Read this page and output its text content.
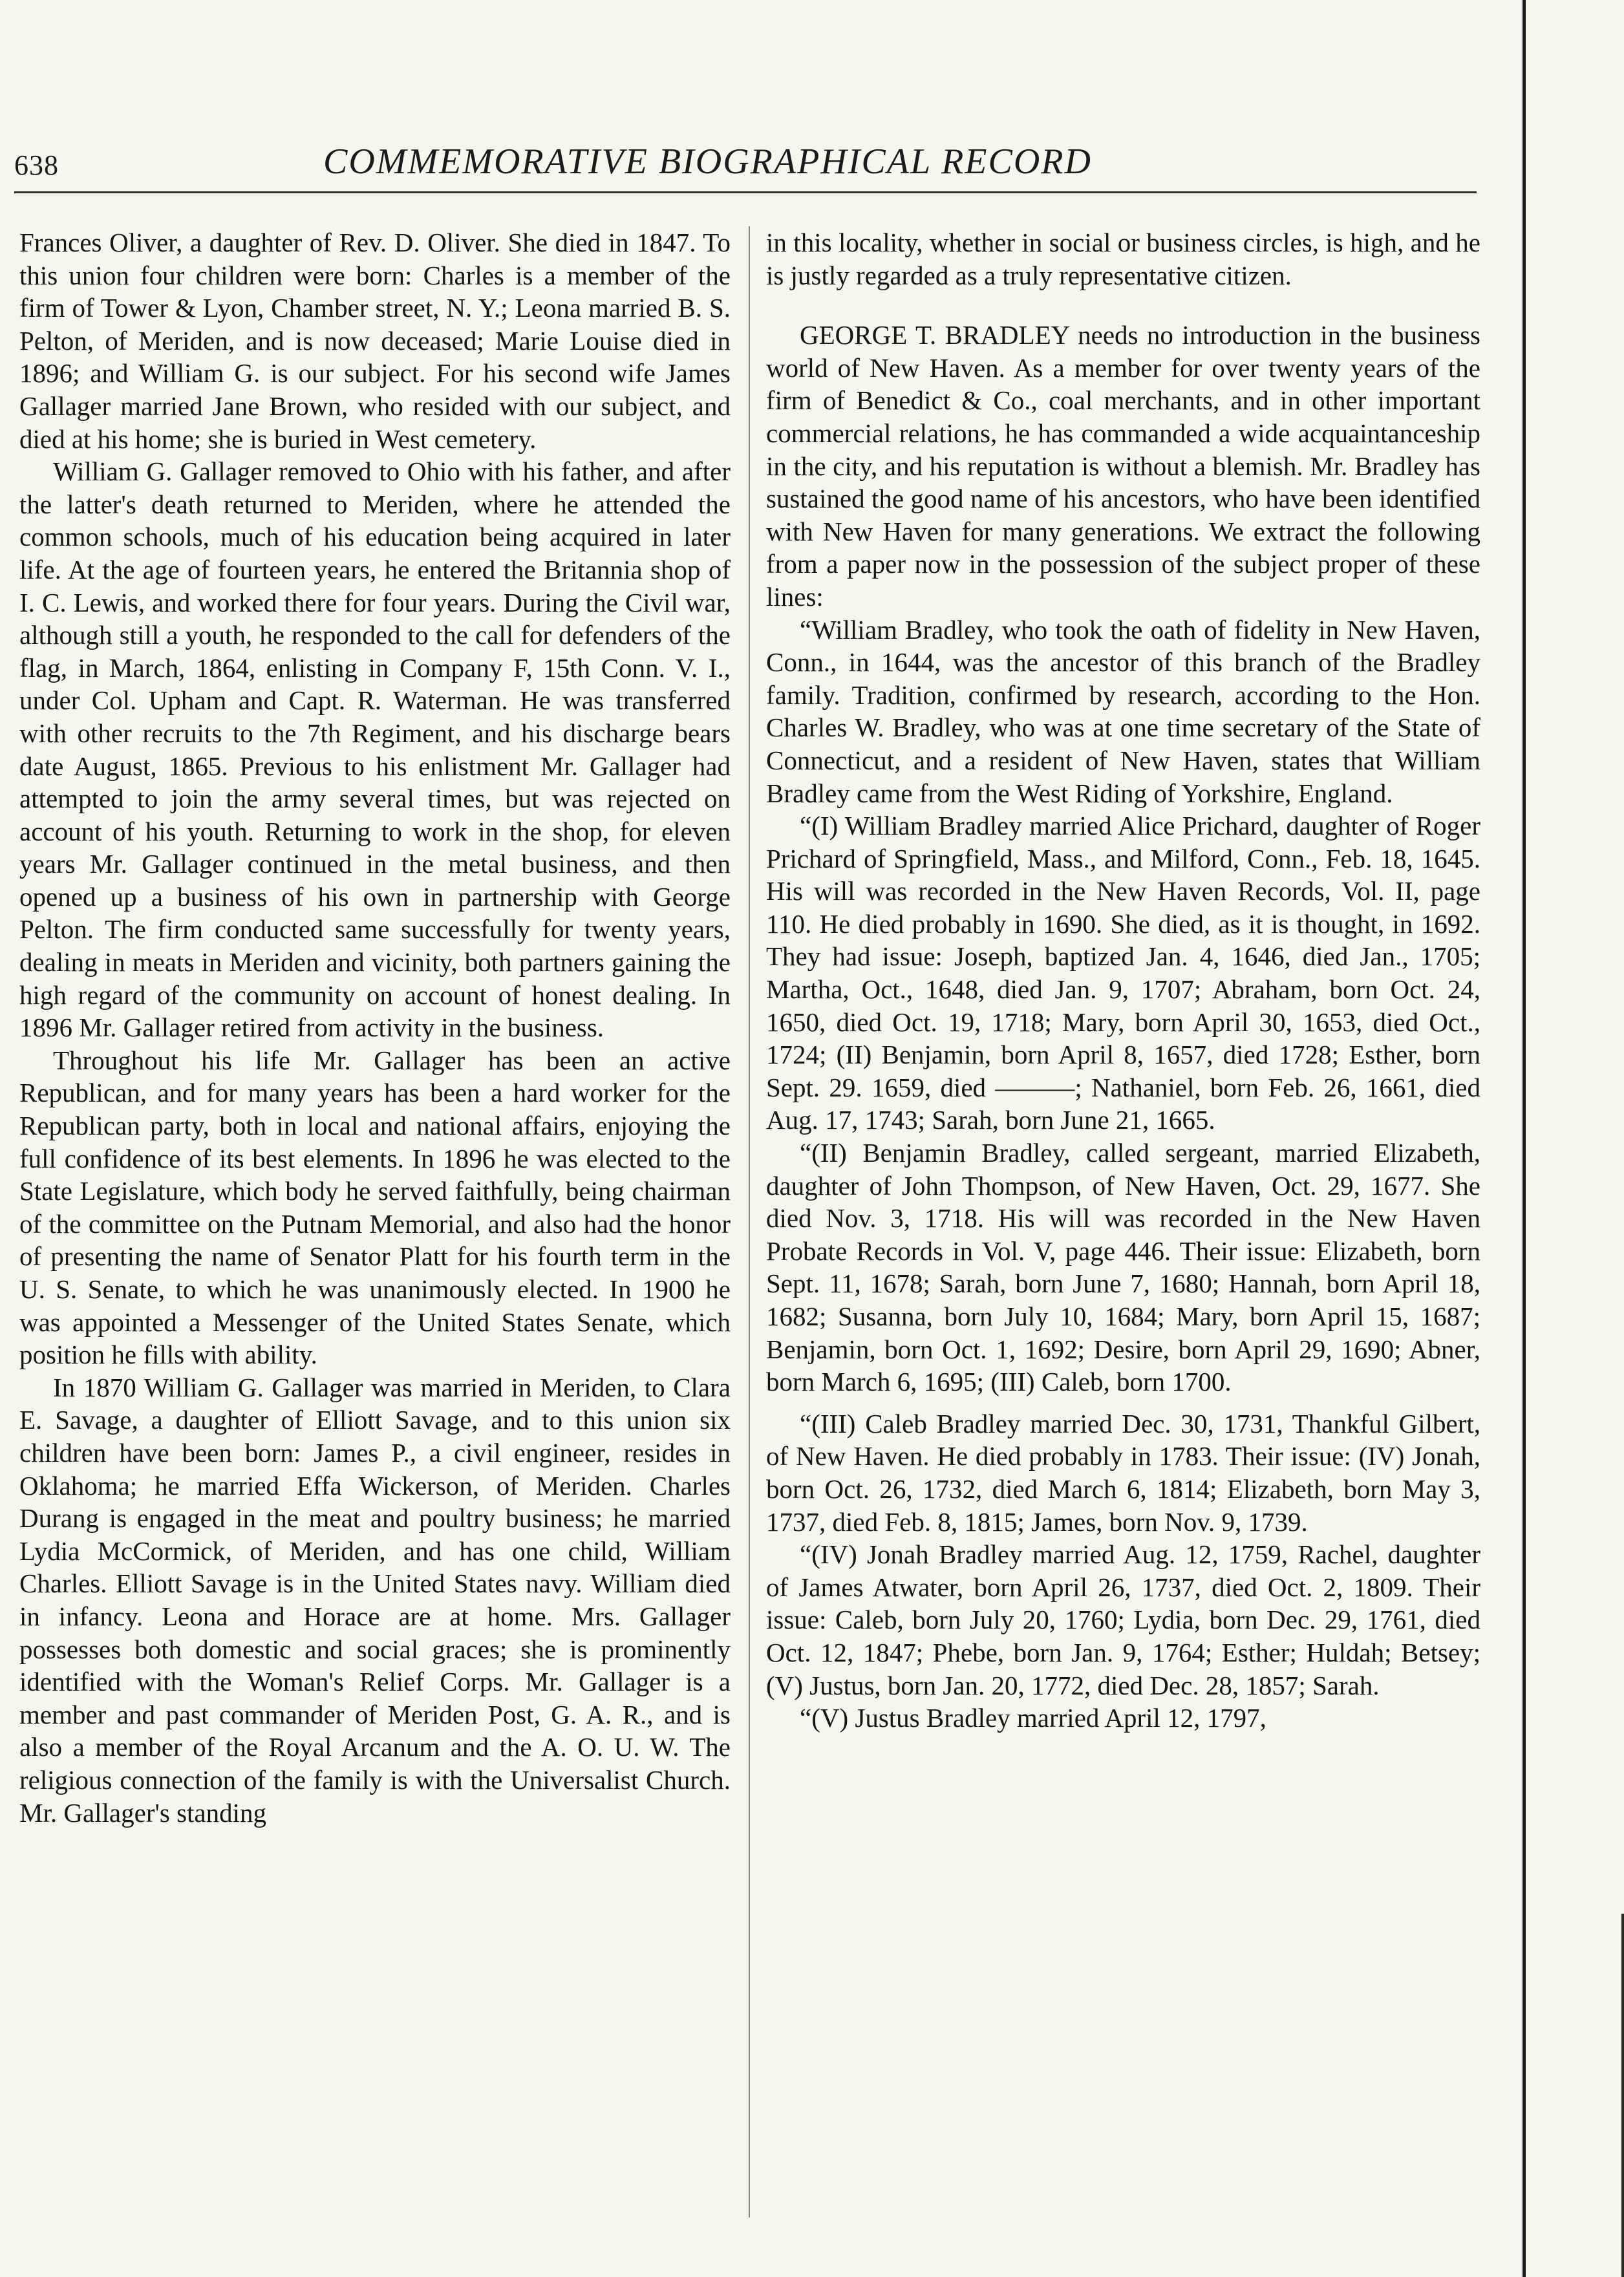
638	COMMEMORATIVE BIOGRAPHICAL RECORD

Frances Oliver, a daughter of Rev. D. Oliver. She died in 1847. To this union four children were born: Charles is a member of the firm of Tower & Lyon, Chamber street, N. Y.; Leona married B. S. Pelton, of Meriden, and is now deceased; Marie Louise died in 1896; and William G. is our subject. For his second wife James Gallager married Jane Brown, who resided with our subject, and died at his home; she is buried in West cemetery.

William G. Gallager removed to Ohio with his father, and after the latter's death returned to Meriden, where he attended the common schools, much of his education being acquired in later life. At the age of fourteen years, he entered the Britannia shop of I. C. Lewis, and worked there for four years. During the Civil war, although still a youth, he responded to the call for defenders of the flag, in March, 1864, enlisting in Company F, 15th Conn. V. I., under Col. Upham and Capt. R. Waterman. He was transferred with other recruits to the 7th Regiment, and his discharge bears date August, 1865. Previous to his enlistment Mr. Gallager had attempted to join the army several times, but was rejected on account of his youth. Returning to work in the shop, for eleven years Mr. Gallager continued in the metal business, and then opened up a business of his own in partnership with George Pelton. The firm conducted same successfully for twenty years, dealing in meats in Meriden and vicinity, both partners gaining the high regard of the community on account of honest dealing. In 1896 Mr. Gallager retired from activity in the business.

Throughout his life Mr. Gallager has been an active Republican, and for many years has been a hard worker for the Republican party, both in local and national affairs, enjoying the full confidence of its best elements. In 1896 he was elected to the State Legislature, which body he served faithfully, being chairman of the committee on the Putnam Memorial, and also had the honor of presenting the name of Senator Platt for his fourth term in the U. S. Senate, to which he was unanimously elected. In 1900 he was appointed a Messenger of the United States Senate, which position he fills with ability.

In 1870 William G. Gallager was married in Meriden, to Clara E. Savage, a daughter of Elliott Savage, and to this union six children have been born: James P., a civil engineer, resides in Oklahoma; he married Effa Wickerson, of Meriden. Charles Durang is engaged in the meat and poultry business; he married Lydia McCormick, of Meriden, and has one child, William Charles. Elliott Savage is in the United States navy. William died in infancy. Leona and Horace are at home. Mrs. Gallager possesses both domestic and social graces; she is prominently identified with the Woman's Relief Corps. Mr. Gallager is a member and past commander of Meriden Post, G. A. R., and is also a member of the Royal Arcanum and the A. O. U. W. The religious connection of the family is with the Universalist Church. Mr. Gallager's standing

in this locality, whether in social or business circles, is high, and he is justly regarded as a truly representative citizen.

GEORGE T. BRADLEY needs no introduction in the business world of New Haven. As a member for over twenty years of the firm of Benedict & Co., coal merchants, and in other important commercial relations, he has commanded a wide acquaintanceship in the city, and his reputation is without a blemish. Mr. Bradley has sustained the good name of his ancestors, who have been identified with New Haven for many generations. We extract the following from a paper now in the possession of the subject proper of these lines:

“William Bradley, who took the oath of fidelity in New Haven, Conn., in 1644, was the ancestor of this branch of the Bradley family. Tradition, confirmed by research, according to the Hon. Charles W. Bradley, who was at one time secretary of the State of Connecticut, and a resident of New Haven, states that William Bradley came from the West Riding of Yorkshire, England.

“(I) William Bradley married Alice Prichard, daughter of Roger Prichard of Springfield, Mass., and Milford, Conn., Feb. 18, 1645. His will was recorded in the New Haven Records, Vol. II, page 110. He died probably in 1690. She died, as it is thought, in 1692. They had issue: Joseph, baptized Jan. 4, 1646, died Jan., 1705; Martha, Oct., 1648, died Jan. 9, 1707; Abraham, born Oct. 24, 1650, died Oct. 19, 1718; Mary, born April 30, 1653, died Oct., 1724; (II) Benjamin, born April 8, 1657, died 1728; Esther, born Sept. 29. 1659, died ———; Nathaniel, born Feb. 26, 1661, died Aug. 17, 1743; Sarah, born June 21, 1665.

“(II) Benjamin Bradley, called sergeant, married Elizabeth, daughter of John Thompson, of New Haven, Oct. 29, 1677. She died Nov. 3, 1718. His will was recorded in the New Haven Probate Records in Vol. V, page 446. Their issue: Elizabeth, born Sept. 11, 1678; Sarah, born June 7, 1680; Hannah, born April 18, 1682; Susanna, born July 10, 1684; Mary, born April 15, 1687; Benjamin, born Oct. 1, 1692; Desire, born April 29, 1690; Abner, born March 6, 1695; (III) Caleb, born 1700.

“(III) Caleb Bradley married Dec. 30, 1731, Thankful Gilbert, of New Haven. He died probably in 1783. Their issue: (IV) Jonah, born Oct. 26, 1732, died March 6, 1814; Elizabeth, born May 3, 1737, died Feb. 8, 1815; James, born Nov. 9, 1739.

“(IV) Jonah Bradley married Aug. 12, 1759, Rachel, daughter of James Atwater, born April 26, 1737, died Oct. 2, 1809. Their issue: Caleb, born July 20, 1760; Lydia, born Dec. 29, 1761, died Oct. 12, 1847; Phebe, born Jan. 9, 1764; Esther; Huldah; Betsey; (V) Justus, born Jan. 20, 1772, died Dec. 28, 1857; Sarah.

“(V) Justus Bradley married April 12, 1797,
